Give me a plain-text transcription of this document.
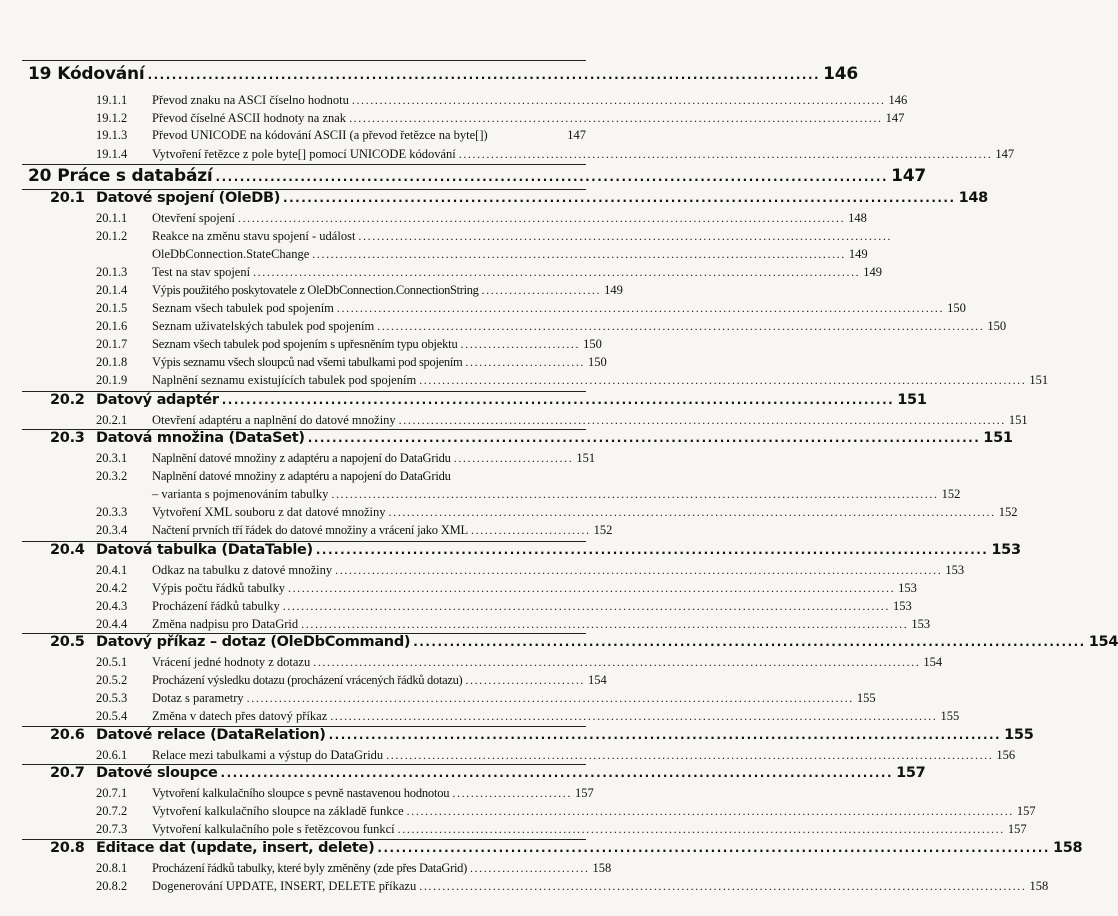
19 Kódování ............................................................................................................... 146
19.1.1 Převod znaku na ASCI číselno hodnotu .................................................................................................................... 146
19.1.2 Převod číselné ASCII hodnoty na znak .................................................................................................................... 147
19.1.3 Převod UNICODE na kódování ASCII (a převod řetězce na byte[])	147
19.1.4 Vytvoření řetězce z pole byte[] pomocí UNICODE kódování .................................................................................................................... 147
20 Práce s databází ............................................................................................................... 147
20.1 Datové spojení (OleDB) ............................................................................................................... 148
20.1.1 Otevření spojení .................................................................................................................................... 148
20.1.2 Reakce na změnu stavu spojení - událost ....................................................................................................................
OleDbConnection.StateChange .................................................................................................................... 149
20.1.3 Test na stav spojení .................................................................................................................................... 149
20.1.4 Výpis použitého poskytovatele z OleDbConnection.ConnectionString .......................... 149
20.1.5 Seznam všech tabulek pod spojením .................................................................................................................................... 150
20.1.6 Seznam uživatelských tabulek pod spojením .................................................................................................................................... 150
20.1.7 Seznam všech tabulek pod spojením s upřesněním typu objektu .......................... 150
20.1.8 Výpis seznamu všech sloupců nad všemi tabulkami pod spojením .......................... 150
20.1.9 Naplnění seznamu existujících tabulek pod spojením .................................................................................................................................... 151
20.2 Datový adaptér ............................................................................................................... 151
20.2.1 Otevření adaptéru a naplnění do datové množiny .................................................................................................................................... 151
20.3 Datová množina (DataSet) ............................................................................................................... 151
20.3.1 Naplnění datové množiny z adaptéru a napojení do DataGridu .......................... 151
20.3.2 Naplnění datové množiny z adaptéru a napojení do DataGridu
– varianta s pojmenováním tabulky .................................................................................................................................... 152
20.3.3 Vytvoření XML souboru z dat datové množiny .................................................................................................................................... 152
20.3.4 Načtení prvních tří řádek do datové množiny a vrácení jako XML .......................... 152
20.4 Datová tabulka (DataTable) ............................................................................................................... 153
20.4.1 Odkaz na tabulku z datové množiny .................................................................................................................................... 153
20.4.2 Výpis počtu řádků tabulky .................................................................................................................................... 153
20.4.3 Procházení řádků tabulky .................................................................................................................................... 153
20.4.4 Změna nadpisu pro DataGrid .................................................................................................................................... 153
20.5 Datový příkaz – dotaz (OleDbCommand) ............................................................................................................... 154
20.5.1 Vrácení jedné hodnoty z dotazu .................................................................................................................................... 154
20.5.2 Procházení výsledku dotazu (procházení vrácených řádků dotazu) .......................... 154
20.5.3 Dotaz s parametry .................................................................................................................................... 155
20.5.4 Změna v datech přes datový příkaz .................................................................................................................................... 155
20.6 Datové relace (DataRelation) ............................................................................................................... 155
20.6.1 Relace mezi tabulkami a výstup do DataGridu .................................................................................................................................... 156
20.7 Datové sloupce ............................................................................................................... 157
20.7.1 Vytvoření kalkulačního sloupce s pevně nastavenou hodnotou .......................... 157
20.7.2 Vytvoření kalkulačního sloupce na základě funkce .................................................................................................................................... 157
20.7.3 Vytvoření kalkulačního pole s řetězcovou funkcí .................................................................................................................................... 157
20.8 Editace dat (update, insert, delete) ............................................................................................................... 158
20.8.1 Procházení řádků tabulky, které byly změněny (zde přes DataGrid) .......................... 158
20.8.2 Dogenerování UPDATE, INSERT, DELETE příkazu .................................................................................................................................... 158
